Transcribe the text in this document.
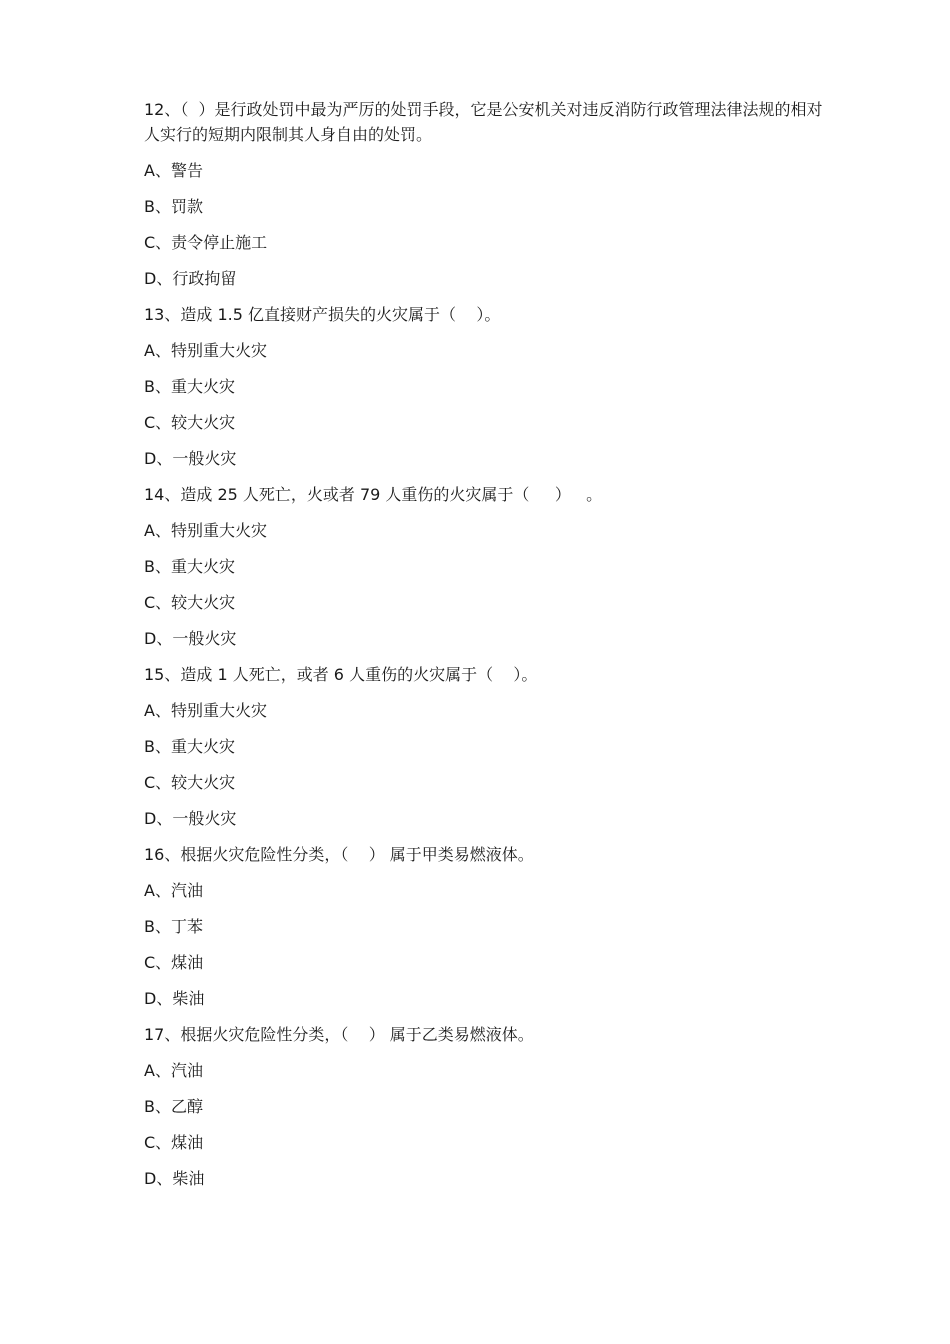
12、（  ）是行政处罚中最为严厉的处罚手段，它是公安机关对违反消防行政管理法律法规的相对人实行的短期内限制其人身自由的处罚。

A、警告

B、罚款

C、责令停止施工

D、行政拘留

13、造成 1.5 亿直接财产损失的火灾属于（    ）。

A、特别重大火灾

B、重大火灾

C、较大火灾

D、一般火灾

14、造成 25 人死亡，火或者 79 人重伤的火灾属于（     ）   。

A、特别重大火灾

B、重大火灾

C、较大火灾

D、一般火灾

15、造成 1 人死亡，或者 6 人重伤的火灾属于（    ）。

A、特别重大火灾

B、重大火灾

C、较大火灾

D、一般火灾

16、根据火灾危险性分类，（    ） 属于甲类易燃液体。

A、汽油

B、丁苯

C、煤油

D、柴油

17、根据火灾危险性分类，（    ） 属于乙类易燃液体。

A、汽油

B、乙醇

C、煤油

D、柴油
